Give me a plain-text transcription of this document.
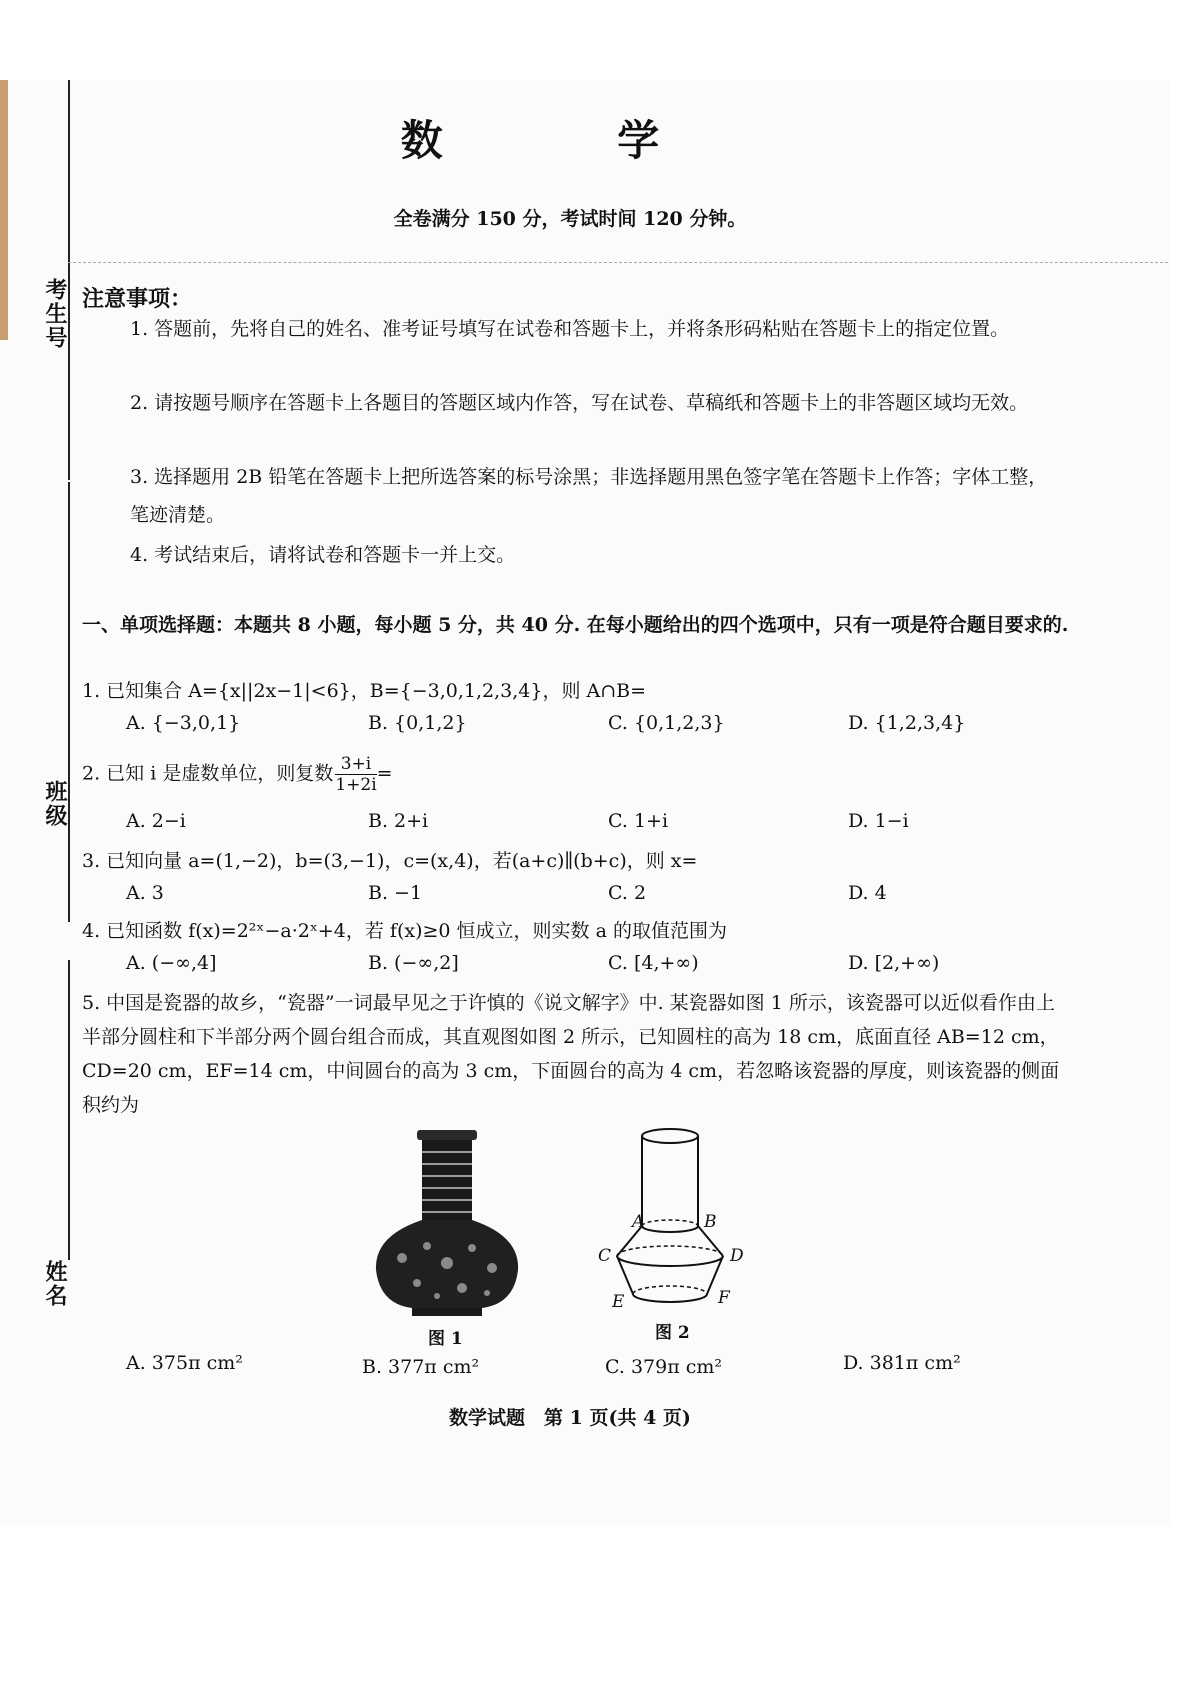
考生号
班级
姓名
数 学
全卷满分 150 分，考试时间 120 分钟。
注意事项：
1. 答题前，先将自己的姓名、准考证号填写在试卷和答题卡上，并将条形码粘贴在答题卡上的指定位置。
2. 请按题号顺序在答题卡上各题目的答题区域内作答，写在试卷、草稿纸和答题卡上的非答题区域均无效。
3. 选择题用 2B 铅笔在答题卡上把所选答案的标号涂黑；非选择题用黑色签字笔在答题卡上作答；字体工整，笔迹清楚。
4. 考试结束后，请将试卷和答题卡一并上交。
一、单项选择题：本题共 8 小题，每小题 5 分，共 40 分. 在每小题给出的四个选项中，只有一项是符合题目要求的.
1. 已知集合 A={x||2x−1|<6}，B={−3,0,1,2,3,4}，则 A∩B=
A. {−3,0,1}	B. {0,1,2}	C. {0,1,2,3}	D. {1,2,3,4}
2. 已知 i 是虚数单位，则复数 $\frac{3+i}{1+2i}$ =
A. 2−i	B. 2+i	C. 1+i	D. 1−i
3. 已知向量 a=(1,−2)，b=(3,−1)，c=(x,4)，若(a+c)∥(b+c)，则 x=
A. 3	B. −1	C. 2	D. 4
4. 已知函数 f(x)=2²ˣ−a·2ˣ+4，若 f(x)≥0 恒成立，则实数 a 的取值范围为
A. (−∞,4]	B. (−∞,2]	C. [4,+∞)	D. [2,+∞)
5. 中国是瓷器的故乡，“瓷器”一词最早见之于许慎的《说文解字》中. 某瓷器如图 1 所示，该瓷器可以近似看作由上半部分圆柱和下半部分两个圆台组合而成，其直观图如图 2 所示，已知圆柱的高为 18 cm，底面直径 AB=12 cm，CD=20 cm，EF=14 cm，中间圆台的高为 3 cm，下面圆台的高为 4 cm，若忽略该瓷器的厚度，则该瓷器的侧面积约为
A	B
C	D
E	F
图 1	图 2
A. 375π cm²	B. 377π cm²	C. 379π cm²	D. 381π cm²
数学试题　第 1 页(共 4 页)
